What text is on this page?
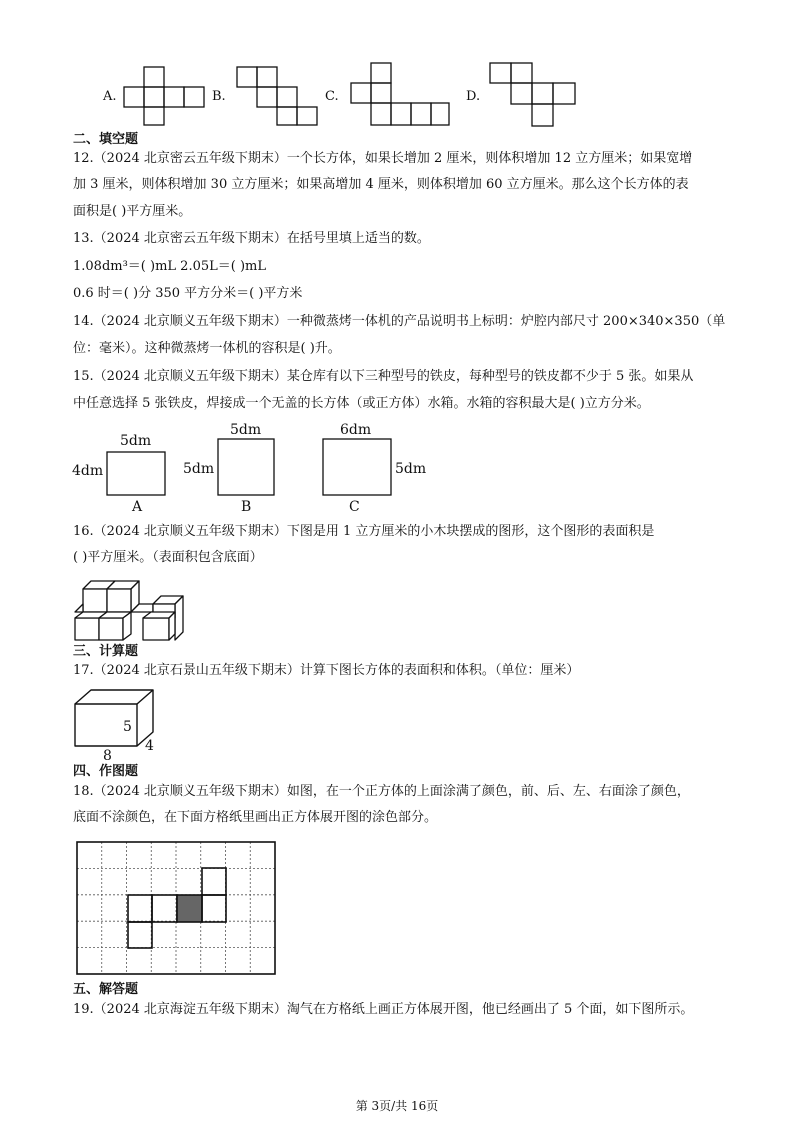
A.	B.	C.	D.
二、填空题
12.（2024 北京密云五年级下期末）一个长方体，如果长增加 2 厘米，则体积增加 12 立方厘米；如果宽增
加 3 厘米，则体积增加 30 立方厘米；如果高增加 4 厘米，则体积增加 60 立方厘米。那么这个长方体的表
面积是( )平方厘米。
13.（2024 北京密云五年级下期末）在括号里填上适当的数。
1.08dm³＝( )mL 2.05L＝( )mL
0.6 时＝( )分 350 平方分米＝( )平方米
14.（2024 北京顺义五年级下期末）一种微蒸烤一体机的产品说明书上标明：炉腔内部尺寸 200×340×350（单
位：毫米）。这种微蒸烤一体机的容积是( )升。
15.（2024 北京顺义五年级下期末）某仓库有以下三种型号的铁皮，每种型号的铁皮都不少于 5 张。如果从
中任意选择 5 张铁皮，焊接成一个无盖的长方体（或正方体）水箱。水箱的容积最大是( )立方分米。
5dm
4dm
A
5dm
5dm
B
6dm
5dm
C
16.（2024 北京顺义五年级下期末）下图是用 1 立方厘米的小木块摆成的图形，这个图形的表面积是
( )平方厘米。（表面积包含底面）
三、计算题
17.（2024 北京石景山五年级下期末）计算下图长方体的表面积和体积。（单位：厘米）
5
4
8
四、作图题
18.（2024 北京顺义五年级下期末）如图，在一个正方体的上面涂满了颜色，前、后、左、右面涂了颜色，
底面不涂颜色，在下面方格纸里画出正方体展开图的涂色部分。
五、解答题
19.（2024 北京海淀五年级下期末）淘气在方格纸上画正方体展开图，他已经画出了 5 个面，如下图所示。
第 3页/共 16页
